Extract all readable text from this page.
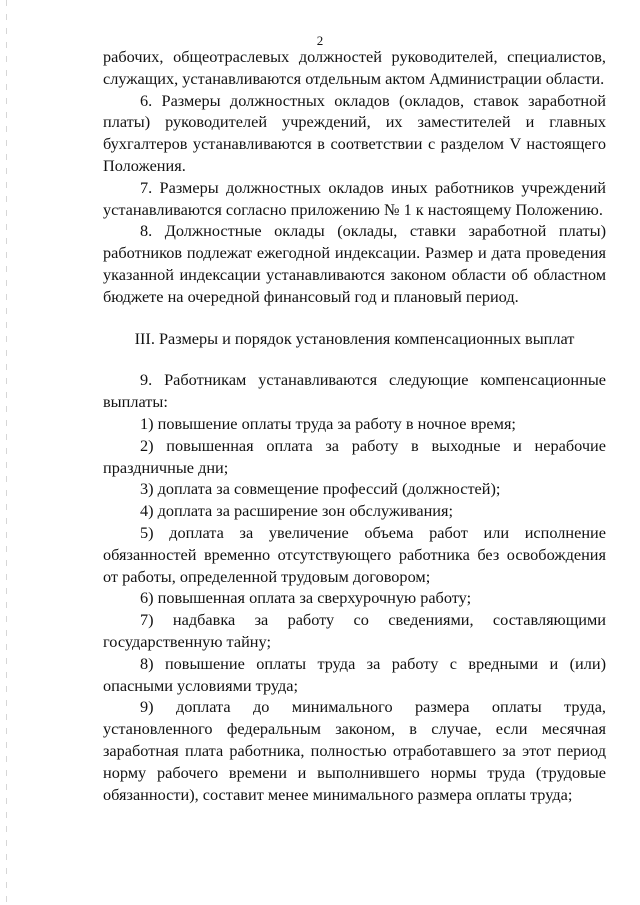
2

рабочих, общеотраслевых должностей руководителей, специалистов, служащих, устанавливаются отдельным актом Администрации области.

6. Размеры должностных окладов (окладов, ставок заработной платы) руководителей учреждений, их заместителей и главных бухгалтеров устанавливаются в соответствии с разделом V настоящего Положения.

7. Размеры должностных окладов иных работников учреждений устанавливаются согласно приложению № 1 к настоящему Положению.

8. Должностные оклады (оклады, ставки заработной платы) работников подлежат ежегодной индексации. Размер и дата проведения указанной индексации устанавливаются законом области об областном бюджете на очередной финансовый год и плановый период.

III. Размеры и порядок установления компенсационных выплат

9. Работникам устанавливаются следующие компенсационные выплаты:

1) повышение оплаты труда за работу в ночное время;

2) повышенная оплата за работу в выходные и нерабочие праздничные дни;

3) доплата за совмещение профессий (должностей);

4) доплата за расширение зон обслуживания;

5) доплата за увеличение объема работ или исполнение обязанностей временно отсутствующего работника без освобождения от работы, определенной трудовым договором;

6) повышенная оплата за сверхурочную работу;

7) надбавка за работу со сведениями, составляющими государственную тайну;

8) повышение оплаты труда за работу с вредными и (или) опасными условиями труда;

9) доплата до минимального размера оплаты труда, установленного федеральным законом, в случае, если месячная заработная плата работника, полностью отработавшего за этот период норму рабочего времени и выполнившего нормы труда (трудовые обязанности), составит менее минимального размера оплаты труда;
